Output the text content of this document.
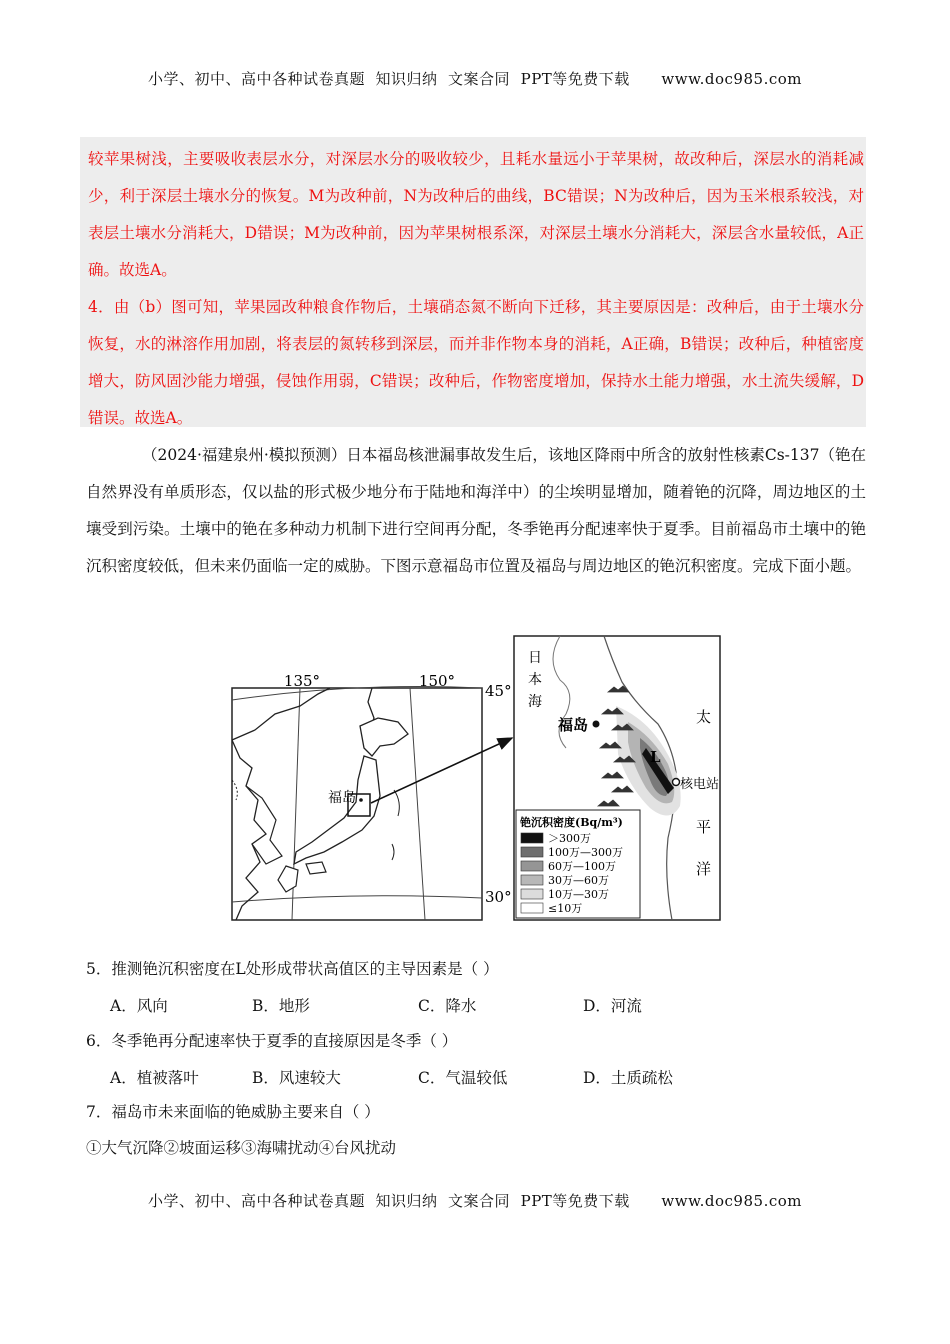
小学、初中、高中各种试卷真题  知识归纳  文案合同  PPT等免费下载      www.doc985.com

较苹果树浅，主要吸收表层水分，对深层水分的吸收较少，且耗水量远小于苹果树，故改种后，深层水的消耗减少，利于深层土壤水分的恢复。M为改种前，N为改种后的曲线，BC错误；N为改种后，因为玉米根系较浅，对表层土壤水分消耗大，D错误；M为改种前，因为苹果树根系深，对深层土壤水分消耗大，深层含水量较低，A正确。故选A。

4．由（b）图可知，苹果园改种粮食作物后，土壤硝态氮不断向下迁移，其主要原因是：改种后，由于土壤水分恢复，水的淋溶作用加剧，将表层的氮转移到深层，而并非作物本身的消耗，A正确，B错误；改种后，种植密度增大，防风固沙能力增强，侵蚀作用弱，C错误；改种后，作物密度增加，保持水土能力增强，水土流失缓解，D错误。故选A。

（2024·福建泉州·模拟预测）日本福岛核泄漏事故发生后，该地区降雨中所含的放射性核素Cs-137（铯在自然界没有单质形态，仅以盐的形式极少地分布于陆地和海洋中）的尘埃明显增加，随着铯的沉降，周边地区的土壤受到污染。土壤中的铯在多种动力机制下进行空间再分配，冬季铯再分配速率快于夏季。目前福岛市土壤中的铯沉积密度较低，但未来仍面临一定的威胁。下图示意福岛市位置及福岛与周边地区的铯沉积密度。完成下面小题。
135°	150°
45°
30°
福岛
日
本
海
福岛
L
核电站
太
平
洋
铯沉积密度(Bq/m³)
＞300万
100万—300万
60万—100万
30万—60万
10万—30万
≤10万
5．推测铯沉积密度在L处形成带状高值区的主导因素是（ ）
A．风向	B．地形	C．降水	D．河流
6．冬季铯再分配速率快于夏季的直接原因是冬季（ ）
A．植被落叶	B．风速较大	C．气温较低	D．土质疏松
7．福岛市未来面临的铯威胁主要来自（ ）
①大气沉降②坡面运移③海啸扰动④台风扰动
小学、初中、高中各种试卷真题  知识归纳  文案合同  PPT等免费下载      www.doc985.com
